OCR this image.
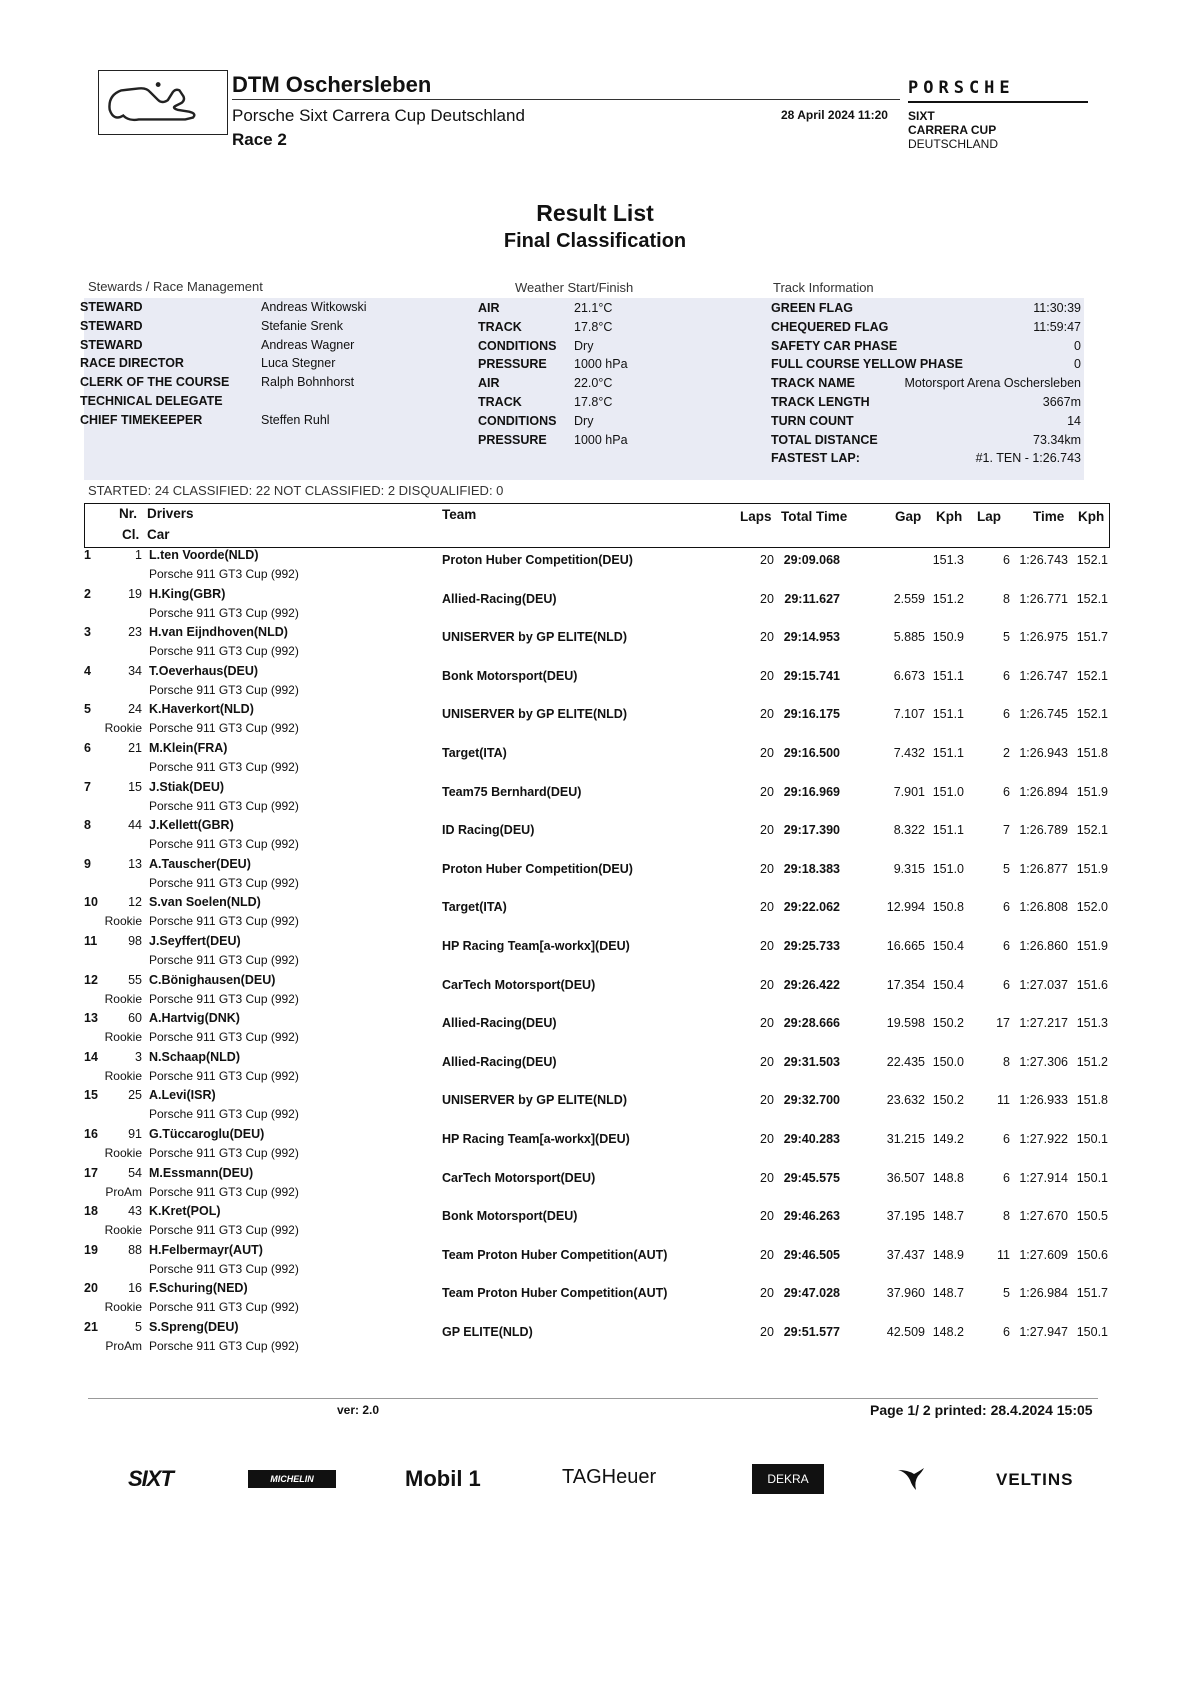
DTM Oschersleben
Porsche Sixt Carrera Cup Deutschland
Race 2
28 April 2024 11:20
PORSCHE
SIXT
CARRERA CUP
DEUTSCHLAND
Result List
Final Classification
Stewards / Race Management	Weather Start/Finish	Track Information
STEWARD	Andreas Witkowski
STEWARD	Stefanie Srenk
STEWARD	Andreas Wagner
RACE DIRECTOR	Luca Stegner
CLERK OF THE COURSE	Ralph Bohnhorst
TECHNICAL DELEGATE
CHIEF TIMEKEEPER	Steffen Ruhl
AIR	21.1°C
TRACK	17.8°C
CONDITIONS Dry
PRESSURE 1000 hPa
AIR	22.0°C
TRACK	17.8°C
CONDITIONS Dry
PRESSURE 1000 hPa
GREEN FLAG	11:30:39
CHEQUERED FLAG	11:59:47
SAFETY CAR PHASE	0
FULL COURSE YELLOW PHASE	0
TRACK NAME	Motorsport Arena Oschersleben
TRACK LENGTH	3667m
TURN COUNT	14
TOTAL DISTANCE	73.34km
FASTEST LAP:	#1. TEN - 1:26.743
STARTED: 24 CLASSIFIED: 22 NOT CLASSIFIED: 2 DISQUALIFIED: 0
Nr. Drivers
Cl. Car
Team	Laps Total Time	Gap Kph Lap Time Kph
1	1 L.ten Voorde(NLD)
Porsche 911 GT3 Cup (992)
Proton Huber Competition(DEU)	20 29:09.068	151.3	6 1:26.743 152.1
2	19 H.King(GBR)
Porsche 911 GT3 Cup (992)
Allied-Racing(DEU)	20 29:11.627	2.559 151.2	8 1:26.771 152.1
3	23 H.van Eijndhoven(NLD)
Porsche 911 GT3 Cup (992)
UNISERVER by GP ELITE(NLD)	20 29:14.953	5.885 150.9	5 1:26.975 151.7
4	34 T.Oeverhaus(DEU)
Porsche 911 GT3 Cup (992)
Bonk Motorsport(DEU)	20 29:15.741	6.673 151.1	6 1:26.747 152.1
5	24 K.Haverkort(NLD)
Rookie Porsche 911 GT3 Cup (992)
UNISERVER by GP ELITE(NLD)	20 29:16.175	7.107 151.1	6 1:26.745 152.1
6	21 M.Klein(FRA)
Porsche 911 GT3 Cup (992)
Target(ITA)	20 29:16.500	7.432 151.1	2 1:26.943 151.8
7	15 J.Stiak(DEU)
Porsche 911 GT3 Cup (992)
Team75 Bernhard(DEU)	20 29:16.969	7.901 151.0	6 1:26.894 151.9
8	44 J.Kellett(GBR)
Porsche 911 GT3 Cup (992)
ID Racing(DEU)	20 29:17.390	8.322 151.1	7 1:26.789 152.1
9	13 A.Tauscher(DEU)
Porsche 911 GT3 Cup (992)
Proton Huber Competition(DEU)	20 29:18.383	9.315 151.0	5 1:26.877 151.9
10 12 S.van Soelen(NLD)
Rookie Porsche 911 GT3 Cup (992)
Target(ITA)	20 29:22.062	12.994 150.8	6 1:26.808 152.0
11 98 J.Seyffert(DEU)
Porsche 911 GT3 Cup (992)
HP Racing Team[a-workx](DEU)	20 29:25.733	16.665 150.4	6 1:26.860 151.9
12 55 C.Bönighausen(DEU)
Rookie Porsche 911 GT3 Cup (992)
CarTech Motorsport(DEU)	20 29:26.422	17.354 150.4	6 1:27.037 151.6
13 60 A.Hartvig(DNK)
Rookie Porsche 911 GT3 Cup (992)
Allied-Racing(DEU)	20 29:28.666	19.598 150.2	17 1:27.217 151.3
14	3 N.Schaap(NLD)
Rookie Porsche 911 GT3 Cup (992)
Allied-Racing(DEU)	20 29:31.503	22.435 150.0	8 1:27.306 151.2
15 25 A.Levi(ISR)
Porsche 911 GT3 Cup (992)
UNISERVER by GP ELITE(NLD)	20 29:32.700	23.632 150.2	11 1:26.933 151.8
16 91 G.Tüccaroglu(DEU)
Rookie Porsche 911 GT3 Cup (992)
HP Racing Team[a-workx](DEU)	20 29:40.283	31.215 149.2	6 1:27.922 150.1
17 54 M.Essmann(DEU)
ProAm Porsche 911 GT3 Cup (992)
CarTech Motorsport(DEU)	20 29:45.575	36.507 148.8	6 1:27.914 150.1
18 43 K.Kret(POL)
Rookie Porsche 911 GT3 Cup (992)
Bonk Motorsport(DEU)	20 29:46.263	37.195 148.7	8 1:27.670 150.5
19 88 H.Felbermayr(AUT)
Porsche 911 GT3 Cup (992)
Team Proton Huber Competition(AUT)	20 29:46.505	37.437 148.9	11 1:27.609 150.6
20 16 F.Schuring(NED)
Rookie Porsche 911 GT3 Cup (992)
Team Proton Huber Competition(AUT)	20 29:47.028	37.960 148.7	5 1:26.984 151.7
21	5 S.Spreng(DEU)
ProAm Porsche 911 GT3 Cup (992)
GP ELITE(NLD)	20 29:51.577	42.509 148.2	6 1:27.947 150.1
ver: 2.0	Page 1/ 2 printed: 28.4.2024 15:05
SIXT	MICHELIN	Mobil 1	TAGHeuer	DEKRA	VELTINS
